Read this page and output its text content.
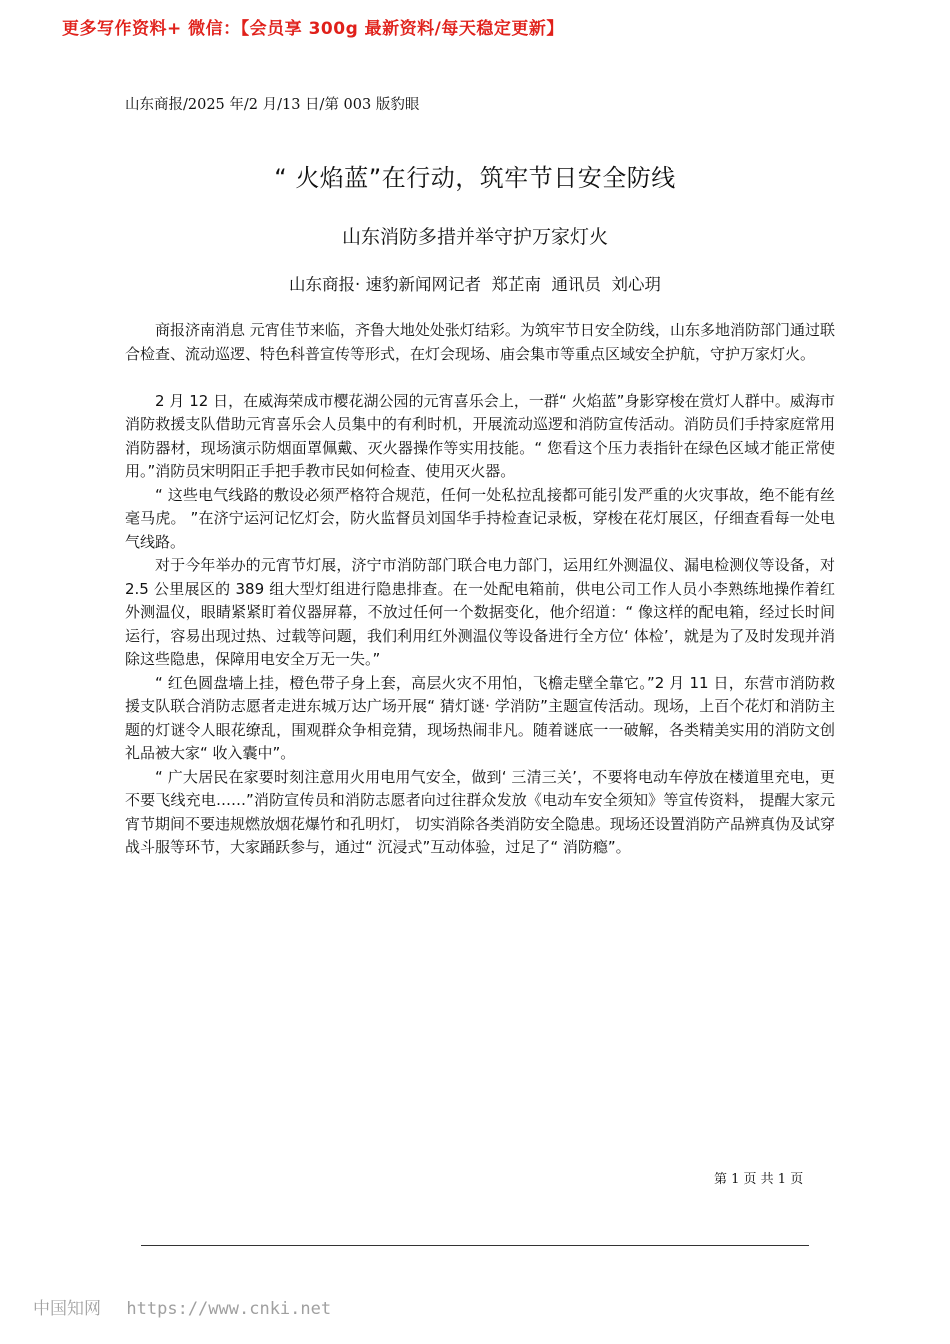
更多写作资料+ 微信：【会员享 300g 最新资料/每天稳定更新】
山东商报/2025 年/2 月/13 日/第 003 版豹眼
“ 火焰蓝”在行动，筑牢节日安全防线
山东消防多措并举守护万家灯火
山东商报· 速豹新闻网记者  郑芷南  通讯员  刘心玥

商报济南消息 元宵佳节来临，齐鲁大地处处张灯结彩。为筑牢节日安全防线，山东多地消防部门通过联合检查、流动巡逻、特色科普宣传等形式，在灯会现场、庙会集市等重点区域安全护航，守护万家灯火。

2 月 12 日，在威海荣成市樱花湖公园的元宵喜乐会上，一群“ 火焰蓝”身影穿梭在赏灯人群中。威海市消防救援支队借助元宵喜乐会人员集中的有利时机，开展流动巡逻和消防宣传活动。消防员们手持家庭常用消防器材，现场演示防烟面罩佩戴、灭火器操作等实用技能。“ 您看这个压力表指针在绿色区域才能正常使用。”消防员宋明阳正手把手教市民如何检查、使用灭火器。

“ 这些电气线路的敷设必须严格符合规范，任何一处私拉乱接都可能引发严重的火灾事故，绝不能有丝毫马虎。 ”在济宁运河记忆灯会，防火监督员刘国华手持检查记录板，穿梭在花灯展区，仔细查看每一处电气线路。

对于今年举办的元宵节灯展，济宁市消防部门联合电力部门，运用红外测温仪、漏电检测仪等设备，对 2.5 公里展区的 389 组大型灯组进行隐患排查。在一处配电箱前，供电公司工作人员小李熟练地操作着红外测温仪，眼睛紧紧盯着仪器屏幕，不放过任何一个数据变化，他介绍道：“ 像这样的配电箱，经过长时间运行，容易出现过热、过载等问题，我们利用红外测温仪等设备进行全方位‘ 体检’，就是为了及时发现并消除这些隐患，保障用电安全万无一失。”

“ 红色圆盘墙上挂，橙色带子身上套，高层火灾不用怕，飞檐走壁全靠它。”2 月 11 日，东营市消防救援支队联合消防志愿者走进东城万达广场开展“ 猜灯谜· 学消防”主题宣传活动。现场，上百个花灯和消防主题的灯谜令人眼花缭乱，围观群众争相竞猜，现场热闹非凡。随着谜底一一破解，各类精美实用的消防文创礼品被大家“ 收入囊中”。

“ 广大居民在家要时刻注意用火用电用气安全，做到‘ 三清三关’，不要将电动车停放在楼道里充电，更不要飞线充电……”消防宣传员和消防志愿者向过往群众发放《电动车安全须知》等宣传资料， 提醒大家元宵节期间不要违规燃放烟花爆竹和孔明灯， 切实消除各类消防安全隐患。现场还设置消防产品辨真伪及试穿战斗服等环节，大家踊跃参与，通过“ 沉浸式”互动体验，过足了“ 消防瘾”。

第 1 页 共 1 页
中国知网 https://www.cnki.net
